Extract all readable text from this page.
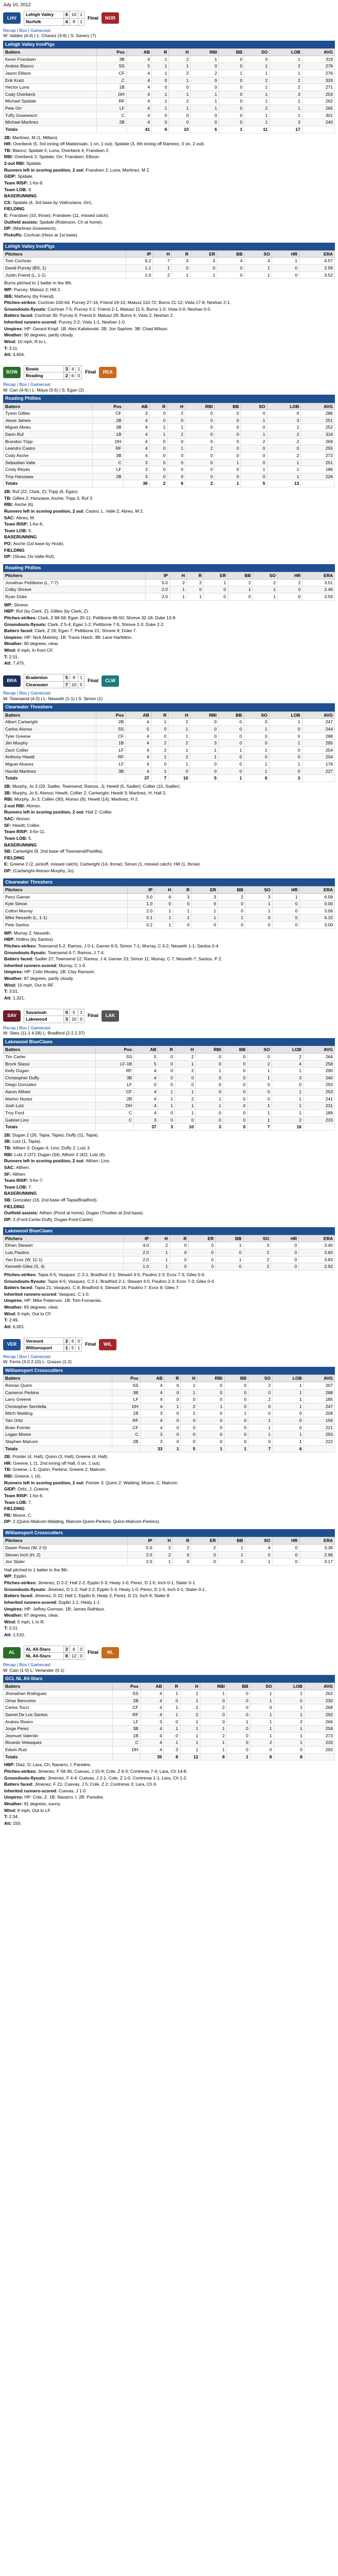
July 10, 2012
LHV
Lehigh Valley	6	10	1
Norfolk	4	8	1
Final	NOR
Recap | Box | Gamecast
W: Valdes (4-4) | L: Chavez (3-6) | S: Savery (7)
Lehigh Valley IronPigs
Batters	Pos	AB	R	H	RBI	BB	SO	LOB	AVG
Kevin Frandsen	3B	4	1	2	1	0	0	1	319
Andres Blanco	SS	5	1	1	0	0	1	2	276
Jason Ellison	CF	4	1	2	2	1	1	1	276
Erik Kratz	C	4	0	1	0	0	2	2	333
Hector Luna	1B	4	0	0	0	0	1	2	271
Cody Overbeck	DH	4	1	1	1	0	1	3	253
Michael Spidale	RF	4	1	2	1	0	1	1	262
Pete Orr	LF	4	1	1	1	0	2	1	265
Tuffy Gosewisch	C	4	0	0	0	0	1	1	301
Michael Martinez	2B	4	0	0	0	0	1	3	240
Totals		41	6	10	6	1	11	17	

2B: Martinez, M (1, Millaro).

HR: Overbeck (5, 3rd inning off Maldonado, 1 on, 1 out); Spidale (3, 6th inning off Ramirez, 0 on, 2 out).

TB: Blanco; Spidale 5; Luna; Overbeck 4; Frandsen 2.

RBI: Overbeck 2; Spidale; Orr; Frandsen; Ellison.

2-out RBI: Spidale.

Runners left in scoring position, 2 out: Frandsen 2; Luna; Martinez, M 2.

GIDP: Spidale.

Team RISP: 1-for-9.

Team LOB: 9.

BASERUNNING

CS: Spidale (4, 3rd base by Vlafroviana, Orr).

FIELDING

E: Frandsen (10, throw); Frandsen (11, missed catch).

Outfield assists: Spidale (Robinson, Ch at home).

DP: (Martinez-Gosewisch).

Pickoffs: Cochran (Hess at 1st base).

Lehigh Valley IronPigs
Pitchers	IP	H	R	ER	BB	SO	HR	ERA
Tom Cochran	6.2	7	3	3	4	4	1	4.57
David Purcey (BS, 1)	1.1	1	0	0	0	1	0	2.56
Justin Friend (L, 1-1)	1.0	2	1	1	0	1	0	3.52

Burns pitched to 1 batter in the 9th.

WP: Purcey; Matusz 2; Hill 2.

IBB: Matheny (by Friend).

Pitches-strikes: Cochran 100-64; Purcey 27-16; Friend 19-10; Matusz 110-72; Burns 21-12; Vista 17-9; Neshan 2-1.

Groundouts-flyouts: Cochran 7-5; Purcey 0-1; Friend 2-1; Matusz 11-5; Burns 1-0; Vista 0-0; Neshan 0-0.

Batters faced: Cochran 30; Purcey 6; Friend 6; Matusz 28; Burns 4; Vista 2; Neshan 2.

Inherited runners-scored: Purcey 2-2; Vista 1-1; Neshan 1-0.

Umpires: HP: Gerard Kropf. 1B: Alex Kalistevski. 2B: Jon Saphire. 3B: Chad Wilson.

Weather: 90 degrees, partly cloudy.

Wind: 10 mph, R to L.

T: 3:11.

Att: 4,654.

BOW
Bowie	3	4	1
Reading	2	6	0
Final	REA
Recap | Box | Gamecast
W: Carr (4-6) | L: Maya (3-5) | S: Egan (2)
Reading Phillies
Batters	Pos	AB	R	H	RBI	BB	SO	LOB	AVG
Tyson Gillies	CF	3	0	2	0	0	0	0	286
Jesse James	2B	4	0	0	0	0	1	3	251
Miguel Abreu	3B	4	1	1	0	0	0	1	252
Darin Ruf	1B	4	1	2	0	0	1	2	316
Brandon Tripp	DH	4	0	0	0	0	2	2	269
Leandro Castro	RF	4	0	1	2	0	0	0	255
Cody Asche	3B	4	0	0	0	0	0	2	272
Sebastian Valle	C	3	0	0	0	1	0	1	251
Cristy Reyes	LF	3	0	0	0	0	1	1	186
Troy Hanzawa	2B	3	0	0	0	0	0	1	226
Totals		36	2	6	2	1	5	13	

2B: Ruf (22, Clark, Z); Tripp (6, Egan).

TB: Gillies 2; Hanzawa; Asche; Tripp 3; Ruf 3.

RBI: Asche (6).

Runners left in scoring position, 2 out: Castro; L. Valle 2; Abreu, M 2.

SAC: Abreu, M.

Team RISP: 1-for-6.

Team LOB: 5.

BASERUNNING

PO: Asche (1st base by Hook).

FIELDING

DP: (Straw, Ox-Valle-Ruf).

Reading Phillies
Pitchers	IP	H	R	ER	BB	SO	HR	ERA
Jonathan Pettibone (L, 7-7)	5.0	2	2	1	2	2	2	3.51
Colby Shreve	2.0	1	0	0	1	1	0	2.46
Ryan Duke	2.0	1	1	0	0	1	0	3.59

WP: Shreve.

HBP: Ruf (by Clark, Z); Gillies (by Clark, Z).

Pitches-strikes: Clark, Z 88-58; Egan 20-11; Pettibone 86-50; Shreve 32-18; Duke 13-9.

Groundouts-flyouts: Clark, Z 5-4; Egan 1-2; Pettibone 7-5; Shreve 2-3; Duke 2-2.

Batters faced: Clark, Z 26; Egan 7; Pettibone 21; Shreve 9; Duke 7.

Umpires: HP: Nick Mahrley. 1B: Travis Hatch. 3B: Lane Harfelton.

Weather: 90 degrees, clear.

Wind: 6 mph, In from CF.

T: 2:31.

Att: 7,475.

BRA
Bradenton	5	9	1
Clearwater	7	10	5
Final	CLW
Recap | Box | Gamecast
W: Townsend (4-2) | L: Nesseth (1-1) | S: Simon (1)
Clearwater Threshers
Batters	Pos	AB	R	H	RBI	BB	SO	LOB	AVG
Albert Cartwright	2B	4	1	2	0	0	0	1	247
Carlos Alonso	SS	5	0	1	0	0	1	0	244
Tyler Greene	CF	4	0	1	0	0	0	0	288
Jim Murphy	1B	4	2	2	3	0	0	1	295
Zach Collier	LF	4	2	1	1	1	1	0	254
Anthony Hewitt	RF	4	1	2	1	0	0	0	254
Miguel Alvarez	LF	4	0	1	0	0	1	1	176
Harold Martinez	3B	4	1	0	0	0	1	0	227
Totals		37	7	10	5	1	6	3	

2B: Murphy, Jo 3 (29, Sadler, Townsend; Ramos, J); Hewitt (5, Sadler); Collier (10, Sadler).

3B: Murphy, Jo 6, Alonso; Hewitt; Collier 2; Cartwright; Hewitt 3; Martinez, H; Hall 2.

RBI: Murphy, Jo 3; Collier (30); Alonso (6); Hewitt (14); Martinez, H 2.

2-out RBI: Alonso.

Runners left in scoring position, 2 out: Hall 2; Collier.

SAC: Alonso.

SF: Hewitt; Collier.

Team RISP: 3-for-11.

Team LOB: 5.

BASERUNNING

SB: Cartwright (9, 2nd base off Townsend/Pastilla).

FIELDING

E: Greene 2 (2, pickoff, missed catch); Cartwright (14, throw); Simon (1, missed catch); Hill (1, throw).

DP: (Cartwright-Alonso-Murphy, Jo).

Clearwater Threshers
Pitchers	IP	H	R	ER	BB	SO	HR	ERA
Perci Garner	5.0	6	3	3	2	3	1	6.58
Kyle Simon	1.0	0	0	0	0	1	0	0.00
Colton Murray	2.0	1	1	1	0	1	0	3.06
Mike Nesseth (L, 1-1)	0.1	1	1	1	1	0	0	4.15
Pete Santos	0.2	1	0	0	0	0	0	3.00

WP: Murray 2; Nesseth.

HBP: Hollins (by Santos).

Pitches-strikes: Townsend 5-2; Ramos, J 0-1; Garner 6-5; Simon 7-1; Murray, C 3-2; Nesseth 1-1; Santos 0-4.

Groundouts-flyouts: Townsend 4-7; Ramos, J 7-4.

Batters faced: Sadler 27; Townsend 12; Ramos, J 4; Garner 23; Simon 11; Murray, C 7; Nesseth 7; Santos, P 2.

Inherited runners-scored: Murray, C 1-0.

Umpires: HP: Colin Mosley. 1B: Clay Ransom.

Weather: 87 degrees, partly cloudy.

Wind: 10 mph, Out to RF.

T: 3:01.

Att: 1,321.

SAV
Savannah	0	5	1
Lakewood	3	10	0
Final	LAK
Recap | Box | Gamecast
W: Sites (11-1 4.58) L: Bradford (2-2 2.37)
Lakewood BlueClaws
Batters	Pos	AB	R	H	RBI	BB	SO	LOB	AVG
Tim Carter	SS	5	0	2	0	0	0	2	264
Brock Stassi	LF-1B	5	0	1	0	0	2	4	258
Kelly Dugan	RF	4	0	2	1	0	1	1	290
Christopher Duffy	3B	4	0	0	0	0	1	3	240
Diego Gonzalez	LF	0	0	0	0	0	0	0	250
Aaron Altherr	CF	4	1	1	0	0	0	1	253
Marlon Nunez	2B	4	1	2	1	0	0	1	241
Josh Lutz	DH	4	1	1	1	0	1	1	231
Troy Ford	C	4	0	1	0	0	1	1	189
Gabriel Lino	C	3	0	0	0	0	1	2	233
Totals		37	3	10	3	0	7	16	

2B: Dugan 2 (26, Tapia, Tapia); Duffy (11, Tapia).

3B: Lutz (1, Tapia).

TB: Altherr 3; Dugan 4; Lino; Duffy 2; Lutz 3.

RBI: Lutz 2 (37); Dugan (34); Altherr 2 (42); Lutz (6).

Runners left in scoring position, 2 out: Altherr; Lino.

SAC: Altherr.

SF: Altherr.

Team RISP: 3-for-7.

Team LOB: 7.

BASERUNNING

SB: Gonzalez (16, 2nd base off Tapia/Bradford).

FIELDING

Outfield assists: Altherr (Pond at home), Dugan (Thurber at 2nd base).

DP: 3 (Ford-Carter-Duffy, Dugan-Ford-Carter).

Lakewood BlueClaws
Pitchers	IP	H	R	ER	BB	SO	HR	ERA
Ethan Stewart	4.0	2	0	0	1	3	0	3.40
Luis Paulino	2.0	1	0	0	0	2	0	3.60
Yan Ecox (W, 11-1)	2.0	1	0	0	1	2	0	3.83
Kenneth Giles (S, 4)	1.0	1	0	0	0	2	0	2.92

Pitches-strikes: Tapia 6-5; Vasquez, C 2-1; Bradford 2-1; Stewart 4-5; Paulino 2-3; Ecox 7-3; Giles 0-0.

Groundouts-flyouts: Tapia 6-5; Vasquez, C 2-1; Bradford 2-1; Stewart 4-5; Paulino 2-3; Ecox 7-3; Giles 0-0.

Batters faced: Tapia 21; Vasquez, C 8; Bradford 4; Stewart 14; Paulino 7; Ecox 9; Giles 7.

Inherited runners-scored: Vasquez, C 1-0.

Umpires: HP: Mike Patterson. 1B: Tom Fornarola.

Weather: 83 degrees, clear.

Wind: 6 mph, Out to CF.

T: 2:49.

Att: 6,001.

VER
Vermont	2	6	0
Williamsport	1	5	1
Final	WIL
Recap | Box | Gamecast
W: Ferris (3-0 2.10) L: Grasso (1-2)
Williamsport Crosscutters
Batters	Pos	AB	R	H	RBI	BB	SO	LOB	AVG
Roman Quinn	SS	4	0	1	0	0	2	1	207
Cameron Perkins	3B	4	0	1	0	0	0	1	288
Larry Greene	LF	4	0	0	0	0	2	1	185
Christopher Serritella	DH	4	1	2	1	0	0	1	247
Mitch Walding	1B	3	0	1	0	1	0	0	209
Yan Ortiz	RF	4	0	0	0	0	1	0	156
Brian Pointer	CF	4	0	0	0	0	1	0	221
Logan Moore	C	3	0	0	0	0	1	1	250
Stephen Malcom	2B	3	0	0	0	0	0	1	222
Totals		33	1	5	1	1	7	6	

2B: Pointer (4, Hall); Quinn (3, Hall); Greene (4, Hall).

HR: Greene, L (1, 2nd inning off Hall, 0 on, 1 out).

TB: Greene, L 5; Quinn; Perkins; Greene 2; Malcom.

RBI: Greene, L (4).

Runners left in scoring position, 2 out: Pointer 3; Quinn 2; Walding; Moore, C; Malcom.

GIDP: Ortiz, J; Greene.

Team RISP: 1-for-6.

Team LOB: 7.

FIELDING

PB: Moore, C.

DP: 2 (Quinn-Malcom-Walding, Malcom-Quinn-Perkins, Quinn-Malcom-Perkins).

Williamsport Crosscutters
Pitchers	IP	H	R	ER	BB	SO	HR	ERA
Dawin Perez (W, 2-0)	5.0	3	2	2	1	4	0	3.36
Steven Inch (H, 2)	2.0	2	0	0	1	0	0	2.96
Jon Slater	2.0	1	0	0	0	1	0	3.17

Hall pitched to 1 batter in the 9th.

WP: Epplin.

Pitches-strikes: Jimenez, D 2-2; Hall 2-2; Epplin 5-3; Healy 1-0; Perez, D 1-5; Inch 0-1; Slater 0-1.

Groundouts-flyouts: Jimenez, D 1-2; Hall 2-2; Epplin 5-3; Healy 1-0; Perez, D 1-5; Inch 0-1; Slater 0-1.

Batters faced: Jimenez, D 22; Hall 1; Epplin 6; Healy 2; Perez, D 21; Inch 9; Slater 8.

Inherited runners-scored: Epplin 1-1; Healy 1-1.

Umpires: HP: Jeffrey Gorman. 1B: James Rathbun.

Weather: 87 degrees, clear.

Wind: 5 mph, L to R.

T: 2:21.

Att: 1,510.

AL
AL All-Stars	3	6	0
NL All-Stars	8	12	0
Final	NL
Recap | Box | Gamecast
W: Cain (1-0) L: Verlander (0-1)
GCL NL All-Stars
Batters	Pos	AB	R	H	RBI	BB	SO	LOB	AVG
Jhonathan Rodriguez	SS	4	1	2	1	0	1	1	262
Omar Bencomo	2B	4	0	1	0	0	1	0	230
Carlos Tocci	CF	4	1	2	2	0	0	1	268
Samel De Los Santos	RF	4	1	2	0	0	1	1	292
Andres Rivero	LF	3	0	1	0	1	1	2	266
Jorge Perez	3B	4	1	1	1	0	1	1	258
Jesmuel Valentin	1B	4	0	1	2	0	1	1	273
Ricardo Velasquez	C	4	1	1	1	0	2	1	233
Edwin Ruiz	DH	4	3	1	1	0	0	0	250
Totals		35	8	12	8	1	8	8	

HBP: Diaz, D; Lara, Ch; Navarro, I; Paredes.

Pitches-strikes: Jimenez, F 58-36; Cuevas, J 15-9; Cole, Z 6-3; Contreras 7-4; Lara, Ch 14-8.

Groundouts-flyouts: Jimenez, F 4-4; Cuevas, J 2-1; Cole, Z 1-0; Contreras 1-1; Lara, Ch 1-2.

Batters faced: Jimenez, F 21; Cuevas, J 5; Cole, Z 2; Contreras 3; Lara, Ch 6.

Inherited runners-scored: Cuevas, J 1-0.

Umpires: HP: Cole, Z. 1B: Navarro, I. 2B: Paredes.

Weather: 91 degrees, sunny.

Wind: 8 mph, Out to LF.

T: 2:34.

Att: 150.
